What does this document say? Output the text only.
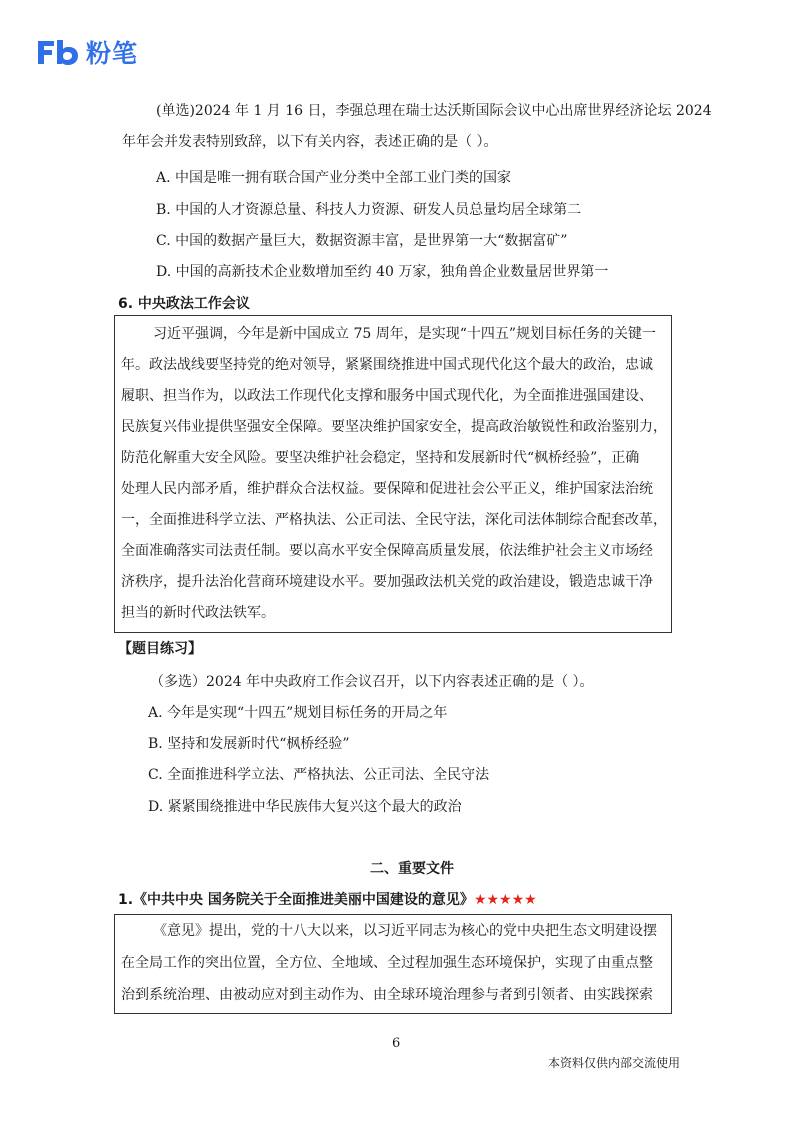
粉笔
(单选)2024 年 1 月 16 日，李强总理在瑞士达沃斯国际会议中心出席世界经济论坛 2024
年年会并发表特别致辞，以下有关内容，表述正确的是（ ）。
A. 中国是唯一拥有联合国产业分类中全部工业门类的国家
B. 中国的人才资源总量、科技人力资源、研发人员总量均居全球第二
C. 中国的数据产量巨大，数据资源丰富，是世界第一大“数据富矿”
D. 中国的高新技术企业数增加至约 40 万家，独角兽企业数量居世界第一
6. 中央政法工作会议
习近平强调，今年是新中国成立 75 周年，是实现“十四五”规划目标任务的关键一
年。政法战线要坚持党的绝对领导，紧紧围绕推进中国式现代化这个最大的政治，忠诚
履职、担当作为，以政法工作现代化支撑和服务中国式现代化，为全面推进强国建设、
民族复兴伟业提供坚强安全保障。要坚决维护国家安全，提高政治敏锐性和政治鉴别力，
防范化解重大安全风险。要坚决维护社会稳定，坚持和发展新时代“枫桥经验”，正确
处理人民内部矛盾，维护群众合法权益。要保障和促进社会公平正义，维护国家法治统
一，全面推进科学立法、严格执法、公正司法、全民守法，深化司法体制综合配套改革，
全面准确落实司法责任制。要以高水平安全保障高质量发展，依法维护社会主义市场经
济秩序，提升法治化营商环境建设水平。要加强政法机关党的政治建设，锻造忠诚干净
担当的新时代政法铁军。
【题目练习】
（多选）2024 年中央政府工作会议召开，以下内容表述正确的是（ ）。
A. 今年是实现“十四五”规划目标任务的开局之年
B. 坚持和发展新时代“枫桥经验”
C. 全面推进科学立法、严格执法、公正司法、全民守法
D. 紧紧围绕推进中华民族伟大复兴这个最大的政治
二、重要文件
1.《中共中央 国务院关于全面推进美丽中国建设的意见》★★★★★
《意见》提出，党的十八大以来，以习近平同志为核心的党中央把生态文明建设摆
在全局工作的突出位置，全方位、全地域、全过程加强生态环境保护，实现了由重点整
治到系统治理、由被动应对到主动作为、由全球环境治理参与者到引领者、由实践探索
6
本资料仅供内部交流使用
